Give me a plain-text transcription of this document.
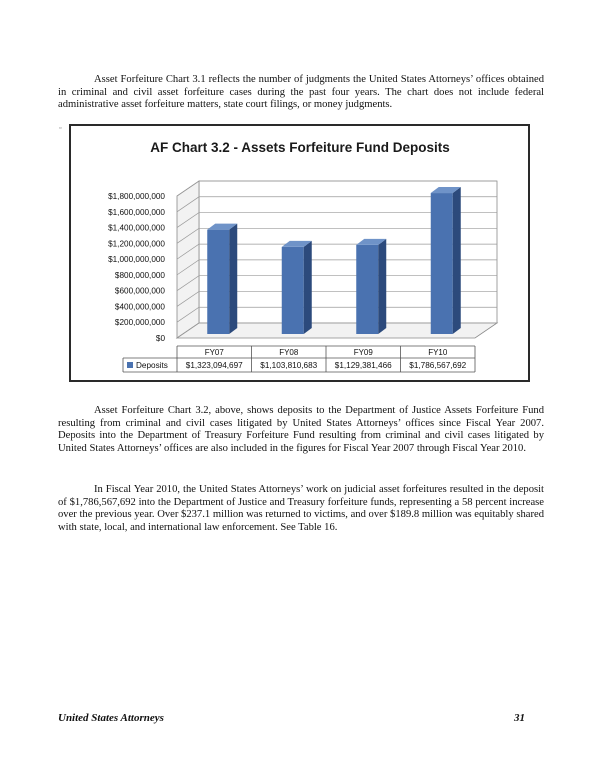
Asset Forfeiture Chart 3.1 reflects the number of judgments the United States Attorneys’ offices obtained in criminal and civil asset forfeiture cases during the past four years. The chart does not include federal administrative asset forfeiture matters, state court filings, or money judgments.

▫
AF Chart 3.2 - Assets Forfeiture Fund Deposits
$0
$200,000,000
$400,000,000
$600,000,000
$800,000,000
$1,000,000,000
$1,200,000,000
$1,400,000,000
$1,600,000,000
$1,800,000,000
FY07
$1,323,094,697
FY08
$1,103,810,683
FY09
$1,129,381,466
FY10
$1,786,567,692
Deposits

Asset Forfeiture Chart 3.2, above, shows deposits to the Department of Justice Assets Forfeiture Fund resulting from criminal and civil cases litigated by United States Attorneys’ offices since Fiscal Year 2007. Deposits into the Department of Treasury Forfeiture Fund resulting from criminal and civil cases litigated by United States Attorneys’ offices are also included in the figures for Fiscal Year 2007 through Fiscal Year 2010.

In Fiscal Year 2010, the United States Attorneys’ work on judicial asset forfeitures resulted in the deposit of $1,786,567,692 into the Department of Justice and Treasury forfeiture funds, representing a 58 percent increase over the previous year. Over $237.1 million was returned to victims, and over $189.8 million was equitably shared with state, local, and international law enforcement. See Table 16.

United States Attorneys	31
